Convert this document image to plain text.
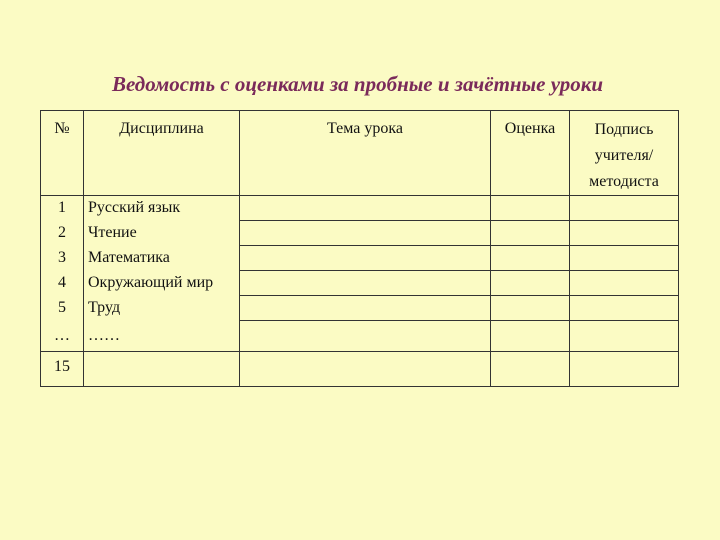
Ведомость с оценками за пробные и зачётные уроки
№	Дисциплина	Тема урока	Оценка	Подпись
учителя/
методиста

1	Русский язык			
2	Чтение			
3	Математика			
4	Окружающий мир			
5	Труд			
…	……			
15				
